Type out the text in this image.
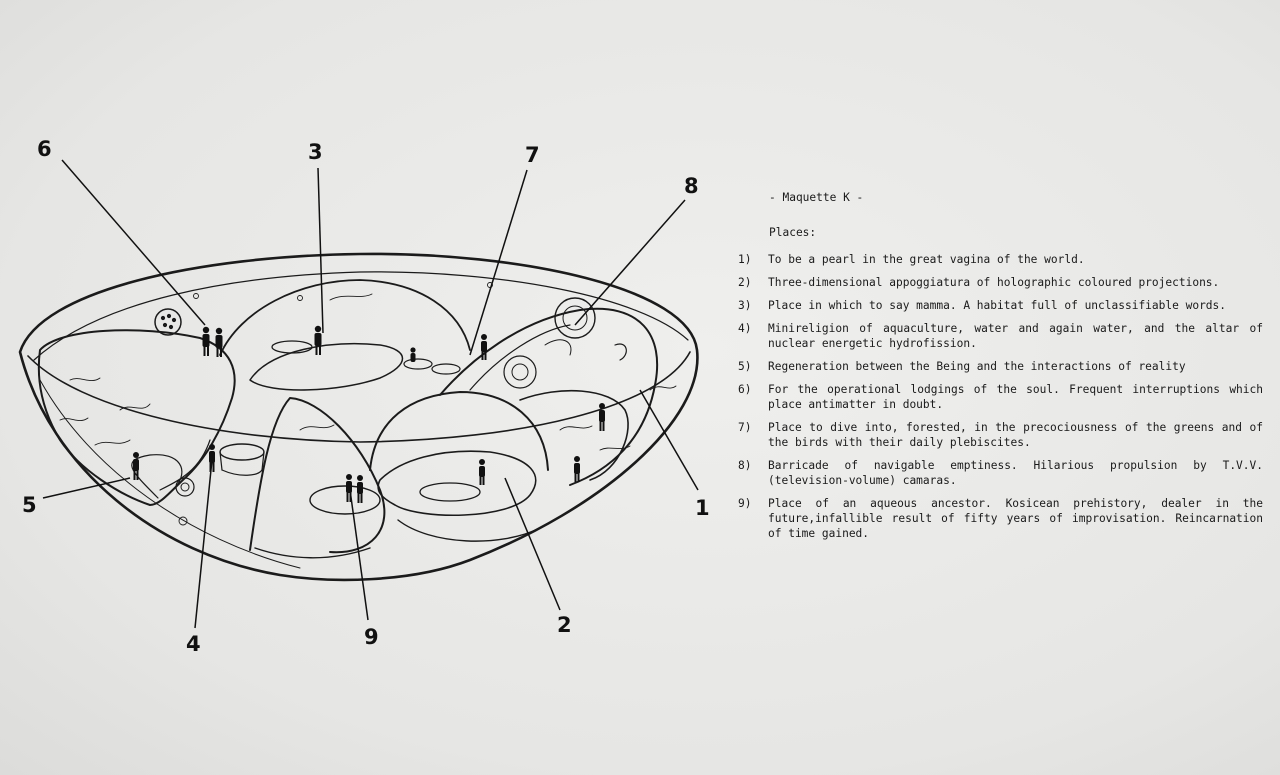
1
2
3
4
5
6	7
8
9
- Maquette K -
Places:
1)	To be a pearl in the great vagina of the world.
2)	Three-dimensional appoggiatura of holographic coloured projections.
3)	Place in which to say mamma. A habitat full of unclassifiable words.
4)	Minireligion of aquaculture, water and again water, and the altar of nuclear energetic hydrofission.
5)	Regeneration between the Being and the interactions of reality
6)	For the operational lodgings of the soul. Frequent interruptions which place antimatter in doubt.
7)	Place to dive into, forested, in the precociousness of the greens and of the birds with their daily plebiscites.
8)	Barricade of navigable emptiness. Hilarious propulsion by T.V.V. (television-volume) camaras.
9)	Place of an aqueous ancestor. Kosicean prehistory, dealer in the future,infallible result of fifty years of improvisation. Reincarnation of time gained.
